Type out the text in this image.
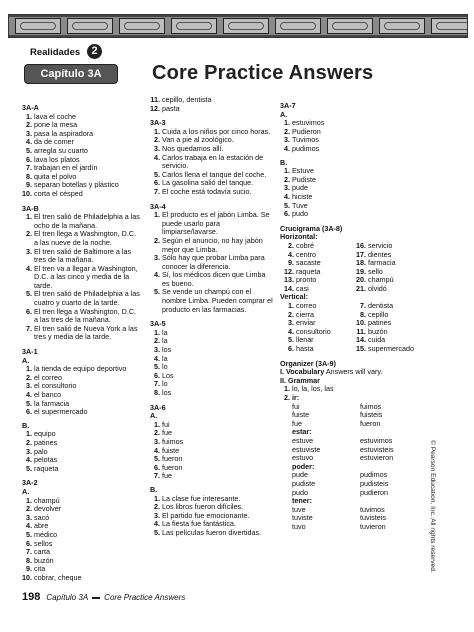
Realidades	2
Capítulo 3A	Core Practice Answers
3A-A
1. lava el coche
2. pone la mesa
3. pasa la aspiradora
4. da de comer
5. arregla su cuarto
6. lava los platos
7. trabajan en el jardín
8. quita el polvo
9. separan botellas y plástico
10. corta el césped
3A-B
1. El tren salió de Philadelphia a las ocho de la mañana.
2. El tren llega a Washington, D.C. a las nueve de la noche.
3. El tren salió de Baltimore a las tres de la mañana.
4. El tren va a llegar a Washington, D.C. a las cinco y media de la tarde.
5. El tren salió de Philadelphia a las cuatro y cuarto de la tarde.
6. El tren llega a Washington, D.C. a las tres de la mañana.
7. El tren salió de Nueva York a las tres y media de la tarde.
3A-1
A.
1. la tienda de equipo deportivo
2. el correo
3. el consultorio
4. el banco
5. la farmacia
6. el supermercado
B.
1. equipo
2. patines
3. palo
4. pelotas
5. raqueta
3A-2
A.
1. champú
2. devolver
3. sacó
4. abre
5. médico
6. sellos
7. carta
8. buzón
9. cita
10. cobrar, cheque
11. cepillo, dentista
12. pasta
3A-3
1. Cuida a los niños por cinco horas.
2. Van a pie al zoológico.
3. Nos quedamos allí.
4. Carlos trabaja en la estación de servicio.
5. Carlos llena el tanque del coche.
6. La gasolina salió del tanque.
7. El coche está todavía sucio.
3A-4
1. El producto es el jabón Limba. Se puede usarlo para limpiarse/lavarse.
2. Según el anuncio, no hay jabón mejor que Limba.
3. Sólo hay que probar Limba para conocer la diferencia.
4. Sí, los médicos dicen que Limba es bueno.
5. Se vende un champú con el nombre Limba. Pueden comprar el producto en las farmacias.
3A-5
1. la
2. la
3. los
4. la
5. lo
6. Los
7. lo
8. los
3A-6
A.
1. fui
2. fue
3. fuimos
4. fuiste
5. fueron
6. fueron
7. fue
B.
1. La clase fue interesante.
2. Los libros fueron difíciles.
3. El partido fue emocionante.
4. La fiesta fue fantástica.
5. Las películas fueron divertidas.
3A-7
A.
1. estuvimos
2. Pudieron
3. Tuvimos
4. pudimos
B.
1. Estuve
2. Pudiste
3. pude
4. hiciste
5. Tuve
6. pudo
Crucigrama (3A-8)
Horizontal:
2. cobré	16. servicio
4. centro	17. dientes
9. sacaste	18. farmacia
12. raqueta	19. sello
13. pronto	20. champú
14. casi	21. olvidó
Vertical:
1. correo	7. dentista
2. cierra	8. cepillo
3. enviar	10. patines
4. consultorio	11. buzón
5. llenar	14. cuida
6. hasta	15. supermercado
Organizer (3A-9)
I. Vocabulary Answers will vary.
II. Grammar
1. lo, la, los, las
2. ir:
fui	fuimos
fuiste	fuisteis
fue	fueron
estar:
estuve	estuvimos
estuviste	estuvisteis
estuvo	estuvieron
poder:
pude	pudimos
pudiste	pudisteis
pudo	pudieron
tener:
tuve	tuvimos
tuviste	tuvisteis
tuvo	tuvieron	© Pearson Education, Inc. All rights reserved.
198 Capítulo 3A Core Practice Answers
